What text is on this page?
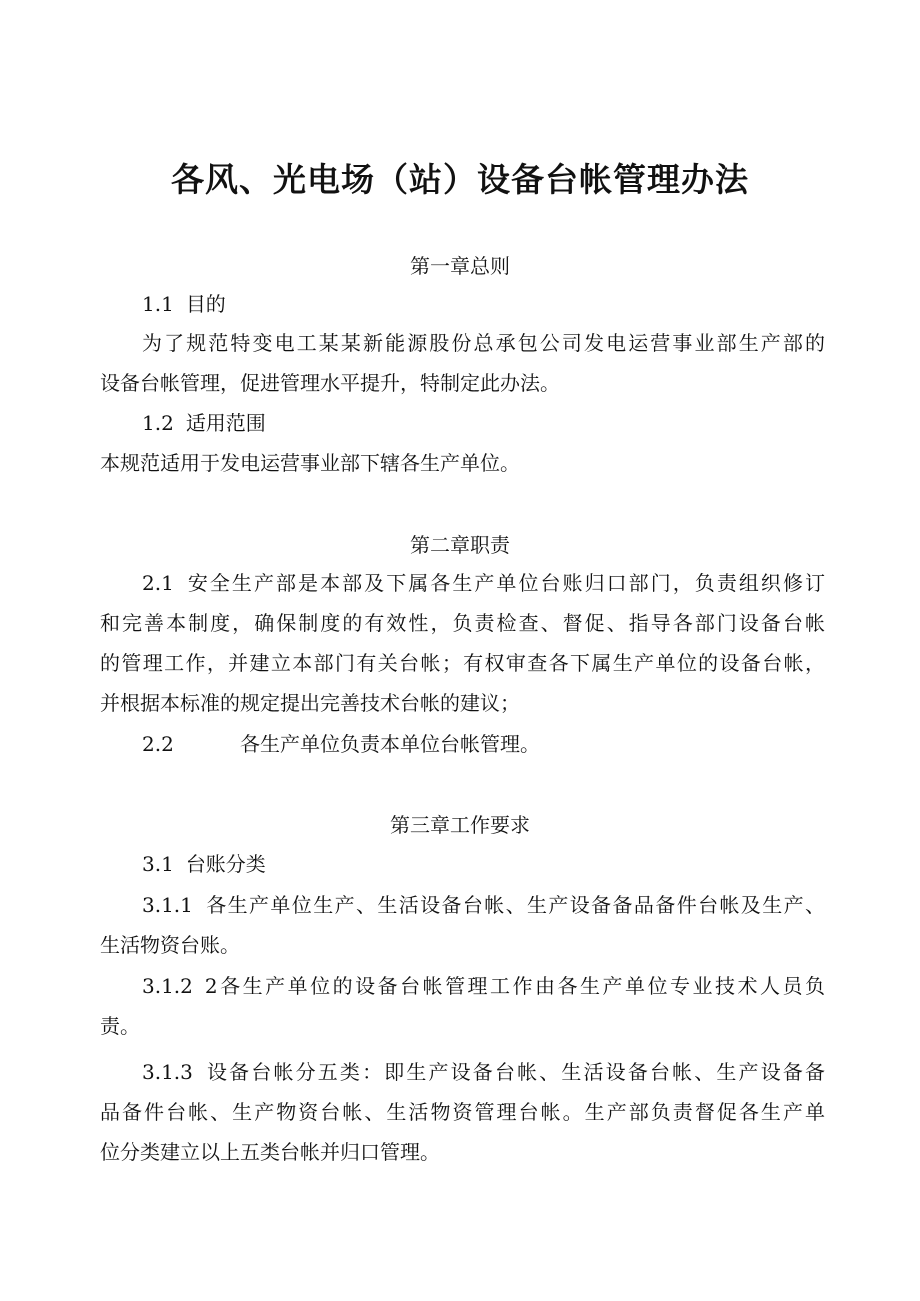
各风、光电场（站）设备台帐管理办法
第一章总则
1.1 目的
为了规范特变电工某某新能源股份总承包公司发电运营事业部生产部的
设备台帐管理，促进管理水平提升，特制定此办法。
1.2 适用范围
本规范适用于发电运营事业部下辖各生产单位。
第二章职责
2.1 安全生产部是本部及下属各生产单位台账归口部门，负责组织修订
和完善本制度，确保制度的有效性，负责检查、督促、指导各部门设备台帐
的管理工作，并建立本部门有关台帐；有权审查各下属生产单位的设备台帐，
并根据本标准的规定提出完善技术台帐的建议；
2.2	各生产单位负责本单位台帐管理。
第三章工作要求
3.1 台账分类
3.1.1 各生产单位生产、生活设备台帐、生产设备备品备件台帐及生产、
生活物资台账。
3.1.2 2各生产单位的设备台帐管理工作由各生产单位专业技术人员负
责。
3.1.3 设备台帐分五类：即生产设备台帐、生活设备台帐、生产设备备
品备件台帐、生产物资台帐、生活物资管理台帐。生产部负责督促各生产单
位分类建立以上五类台帐并归口管理。
